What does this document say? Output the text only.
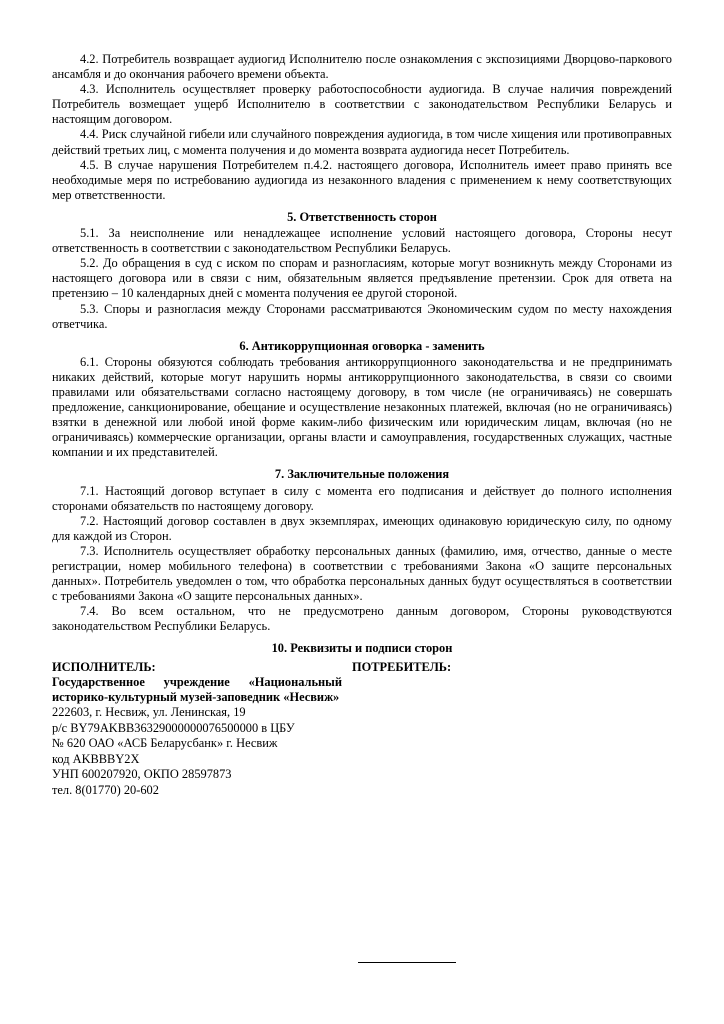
4.2. Потребитель возвращает аудиогид Исполнителю после ознакомления с экспозициями Дворцово-паркового ансамбля и до окончания рабочего времени объекта.

4.3. Исполнитель осуществляет проверку работоспособности аудиогида. В случае наличия повреждений Потребитель возмещает ущерб Исполнителю в соответствии с законодательством Республики Беларусь и настоящим договором.

4.4. Риск случайной гибели или случайного повреждения аудиогида, в том числе хищения или противоправных действий третьих лиц, с момента получения и до момента возврата аудиогида несет Потребитель.

4.5. В случае нарушения Потребителем п.4.2. настоящего договора, Исполнитель имеет право принять все необходимые меря по истребованию аудиогида из незаконного владения с применением к нему соответствующих мер ответственности.

5. Ответственность сторон

5.1. За неисполнение или ненадлежащее исполнение условий настоящего договора, Стороны несут ответственность в соответствии с законодательством Республики Беларусь.

5.2. До обращения в суд с иском по спорам и разногласиям, которые могут возникнуть между Сторонами из настоящего договора или в связи с ним, обязательным является предъявление претензии. Срок для ответа на претензию – 10 календарных дней с момента получения ее другой стороной.

5.3. Споры и разногласия между Сторонами рассматриваются Экономическим судом по месту нахождения ответчика.

6. Антикоррупционная оговорка - заменить

6.1. Стороны обязуются соблюдать требования антикоррупционного законодательства и не предпринимать никаких действий, которые могут нарушить нормы антикоррупционного законодательства, в связи со своими правилами или обязательствами согласно настоящему договору, в том числе (не ограничиваясь) не совершать предложение, санкционирование, обещание и осуществление незаконных платежей, включая (но не ограничиваясь) взятки в денежной или любой иной форме каким-либо физическим или юридическим лицам, включая (но не ограничиваясь) коммерческие организации, органы власти и самоуправления, государственных служащих, частные компании и их представителей.

7. Заключительные положения

7.1. Настоящий договор вступает в силу с момента его подписания и действует до полного исполнения сторонами обязательств по настоящему договору.

7.2. Настоящий договор составлен в двух экземплярах, имеющих одинаковую юридическую силу, по одному для каждой из Сторон.

7.3. Исполнитель осуществляет обработку персональных данных (фамилию, имя, отчество, данные о месте регистрации, номер мобильного телефона) в соответствии с требованиями Закона «О защите персональных данных». Потребитель уведомлен о том, что обработка персональных данных будут осуществляться в соответствии с требованиями Закона «О защите персональных данных».

7.4. Во всем остальном, что не предусмотрено данным договором, Стороны руководствуются законодательством Республики Беларусь.

10. Реквизиты и подписи сторон
ИСПОЛНИТЕЛЬ:	ПОТРЕБИТЕЛЬ:
Государственное учреждение «Национальный историко-культурный музей-заповедник «Несвиж»
222603, г. Несвиж, ул. Ленинская, 19
р/с BY79AKBB36329000000076500000 в ЦБУ
№ 620 ОАО «АСБ Беларусбанк» г. Несвиж
код AKBBBY2X
УНП 600207920, ОКПО 28597873
тел. 8(01770) 20-602
